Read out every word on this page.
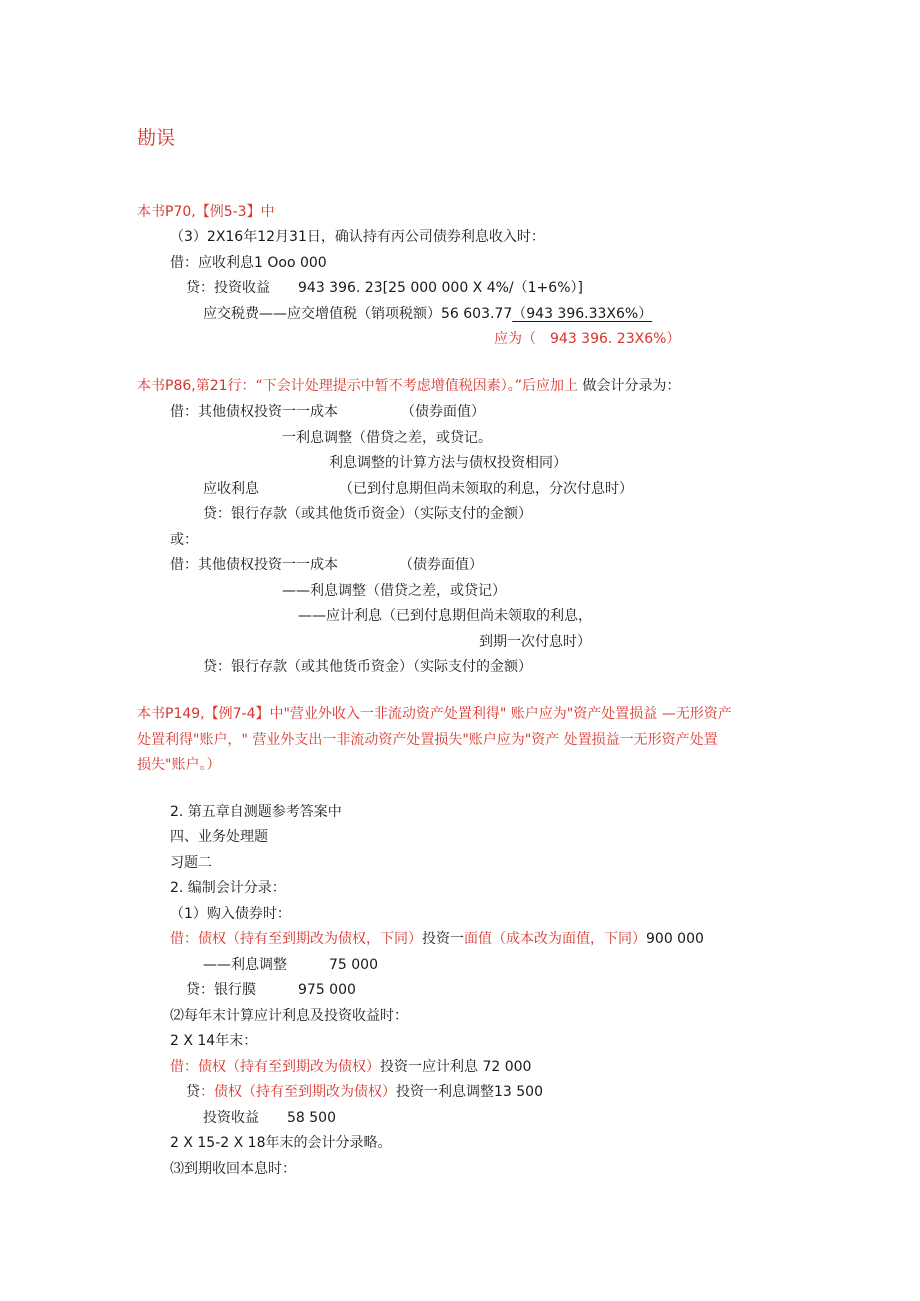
勘误
本书P70,【例5-3】中
（3）2X16年12月31日，确认持有丙公司债券利息收入时：
借：应收利息1 Ooo 000
贷：投资收益　　943 396. 23[25 000 000 X 4%/（1+6%）]
应交税费——应交增值税（销项税额）56 603.77（943 396.33X6%）
应为（　943 396. 23X6%）
本书P86,第21行：“下会计处理提示中暂不考虑增值税因素）。”后应加上 做会计分录为：
借：其他债权投资一一成本	（债券面值）
一利息调整（借贷之差，或贷记。
利息调整的计算方法与债权投资相同）
应收利息	（已到付息期但尚未领取的利息，分次付息时）
贷：银行存款（或其他货币资金）（实际支付的金额）
或：
借：其他债权投资一一成本	（债券面值）
——利息调整（借贷之差，或贷记）
——应计利息（已到付息期但尚未领取的利息，
到期一次付息时）
贷：银行存款（或其他货币资金）（实际支付的金额）
本书P149,【例7-4】中"营业外收入一非流动资产处置利得" 账户应为"资产处置损益 —无形资产
处置利得"账户，" 营业外支出一非流动资产处置损失"账户应为"资产 处置损益一无形资产处置
损失"账户。）
2. 第五章自测题参考答案中
四、业务处理题
习题二
2. 编制会计分录：
（1）购入债券时：
借：债权（持有至到期改为债权，下同）投资一面值（成本改为面值，下同）900 000
——利息调整　　　75 000
贷：银行膜　　　975 000
⑵每年末计算应计利息及投资收益时：
2 X 14年末：
借：债权（持有至到期改为债权）投资一应计利息 72 000
贷：债权（持有至到期改为债权）投资一利息调整13 500
投资收益　　58 500
2 X 15-2 X 18年末的会计分录略。
⑶到期收回本息时：
